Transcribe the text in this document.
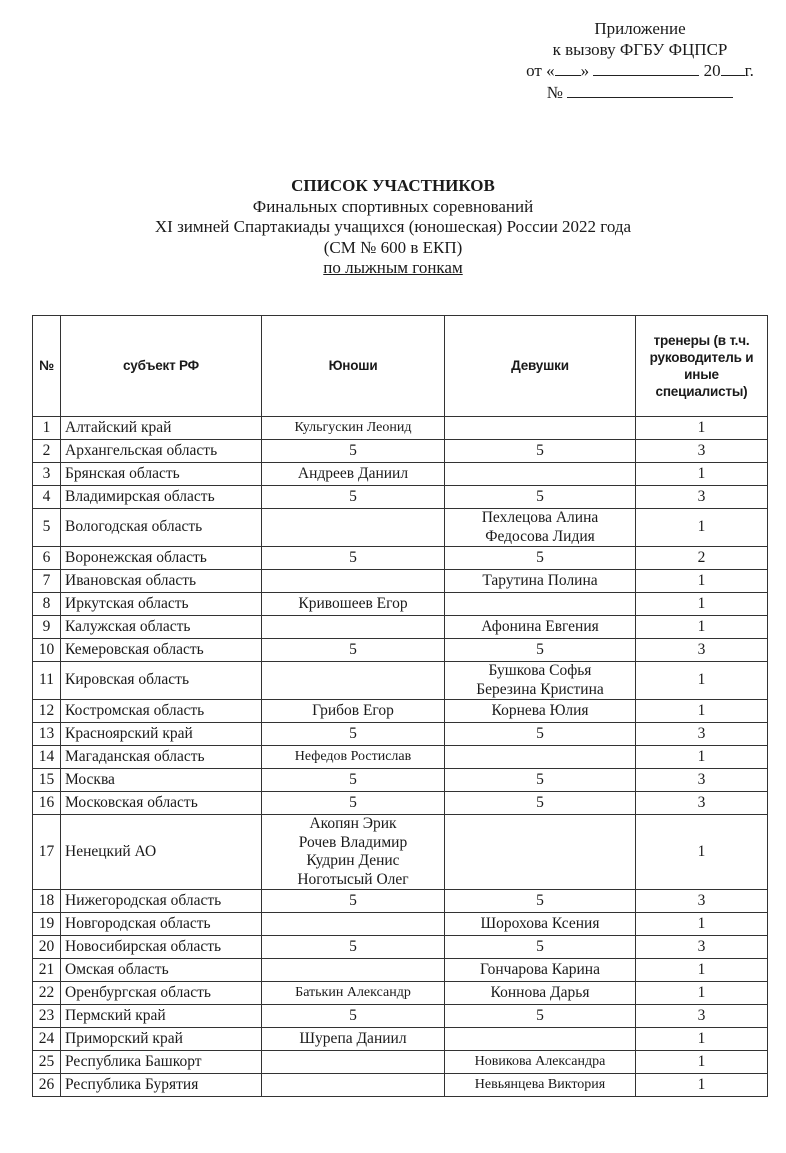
Приложение
к вызову ФГБУ ФЦПСР
от « »	20 г.
№
СПИСОК УЧАСТНИКОВ
Финальных спортивных соревнований
XI зимней Спартакиады учащихся (юношеская) России 2022 года
(СМ № 600 в ЕКП)
по лыжным гонкам
№	субъект РФ	Юноши	Девушки	тренеры (в т.ч. руководитель и иные специалисты)
1	Алтайский край	Кульгускин Леонид		1
2	Архангельская область	5	5	3
3	Брянская область	Андреев Даниил		1
4	Владимирская область	5	5	3
5	Вологодская область		Пехлецова Алина
Федосова Лидия	1
6	Воронежская область	5	5	2
7	Ивановская область		Тарутина Полина	1
8	Иркутская область	Кривошеев Егор		1
9	Калужская область		Афонина Евгения	1
10	Кемеровская область	5	5	3
11	Кировская область		Бушкова Софья
Березина Кристина	1
12	Костромская область	Грибов Егор	Корнева Юлия	1
13	Красноярский край	5	5	3
14	Магаданская область	Нефедов Ростислав		1
15	Москва	5	5	3
16	Московская область	5	5	3
17	Ненецкий АО	Акопян Эрик
Рочев Владимир
Кудрин Денис
Ноготысый Олег		1
18	Нижегородская область	5	5	3
19	Новгородская область		Шорохова Ксения	1
20	Новосибирская область	5	5	3
21	Омская область		Гончарова Карина	1
22	Оренбургская область	Батькин Александр	Коннова Дарья	1
23	Пермский край	5	5	3
24	Приморский край	Шурепа Даниил		1
25	Республика Башкорт		Новикова Александра	1
26	Республика Бурятия		Невьянцева Виктория	1
